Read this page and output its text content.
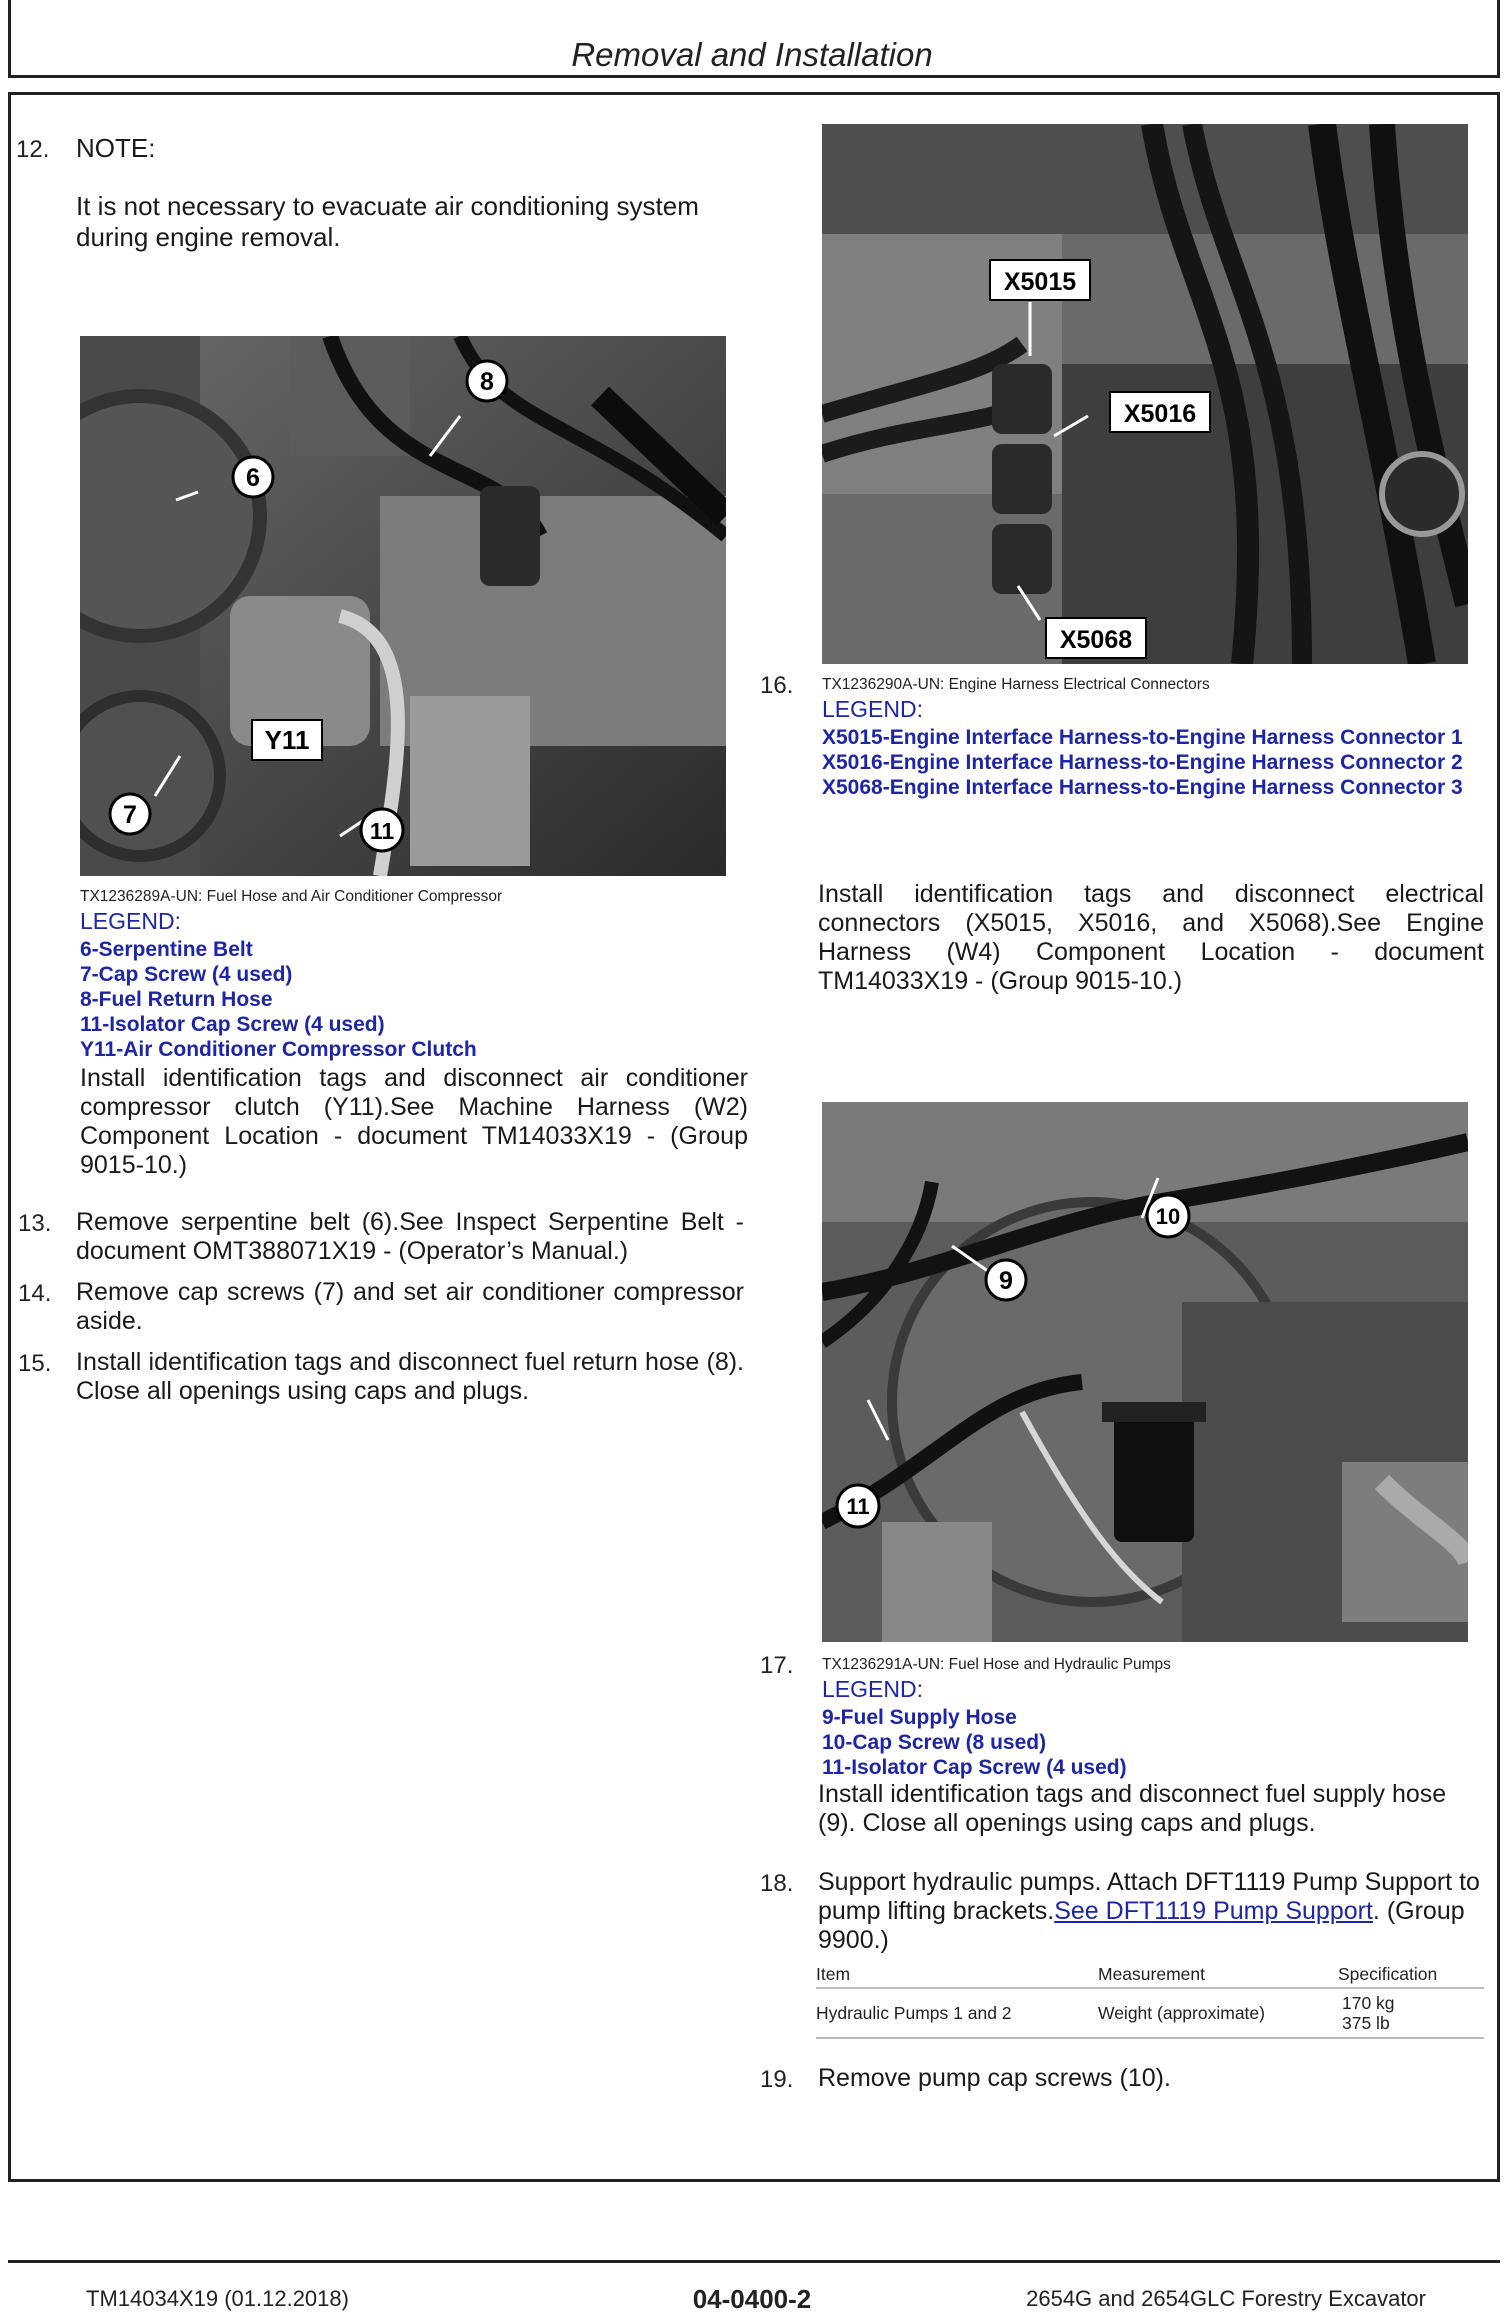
Removal and Installation
12. NOTE:

It is not necessary to evacuate air conditioning system during engine removal.

6
8
7
11
Y11

TX1236289A-UN: Fuel Hose and Air Conditioner Compressor

LEGEND:

6-Serpentine Belt

7-Cap Screw (4 used)

8-Fuel Return Hose

11-Isolator Cap Screw (4 used)

Y11-Air Conditioner Compressor Clutch

Install identification tags and disconnect air conditioner compressor clutch (Y11).See Machine Harness (W2) Component Location - document TM14033X19 - (Group 9015-10.)

13. Remove serpentine belt (6).See Inspect Serpentine Belt - document OMT388071X19 - (Operator’s Manual.)

14. Remove cap screws (7) and set air conditioner compressor aside.

15. Install identification tags and disconnect fuel return hose (8). Close all openings using caps and plugs.

X5015
X5016
X5068
16. TX1236290A-UN: Engine Harness Electrical Connectors

LEGEND:

X5015-Engine Interface Harness-to-Engine Harness Connector 1

X5016-Engine Interface Harness-to-Engine Harness Connector 2

X5068-Engine Interface Harness-to-Engine Harness Connector 3

Install identification tags and disconnect electrical connectors (X5015, X5016, and X5068).See Engine Harness (W4) Component Location - document TM14033X19 - (Group 9015-10.)

9
10
11
17. TX1236291A-UN: Fuel Hose and Hydraulic Pumps

LEGEND:

9-Fuel Supply Hose

10-Cap Screw (8 used)

11-Isolator Cap Screw (4 used)

Install identification tags and disconnect fuel supply hose (9). Close all openings using caps and plugs.

18. Support hydraulic pumps. Attach DFT1119 Pump Support to pump lifting brackets.See DFT1119 Pump Support. (Group 9900.)

Item	Measurement	Specification
Hydraulic Pumps 1 and 2	Weight (approximate)	170 kg
375 lb
19. Remove pump cap screws (10).

TM14034X19 (01.12.2018)	04-0400-2	2654G and 2654GLC Forestry Excavator
